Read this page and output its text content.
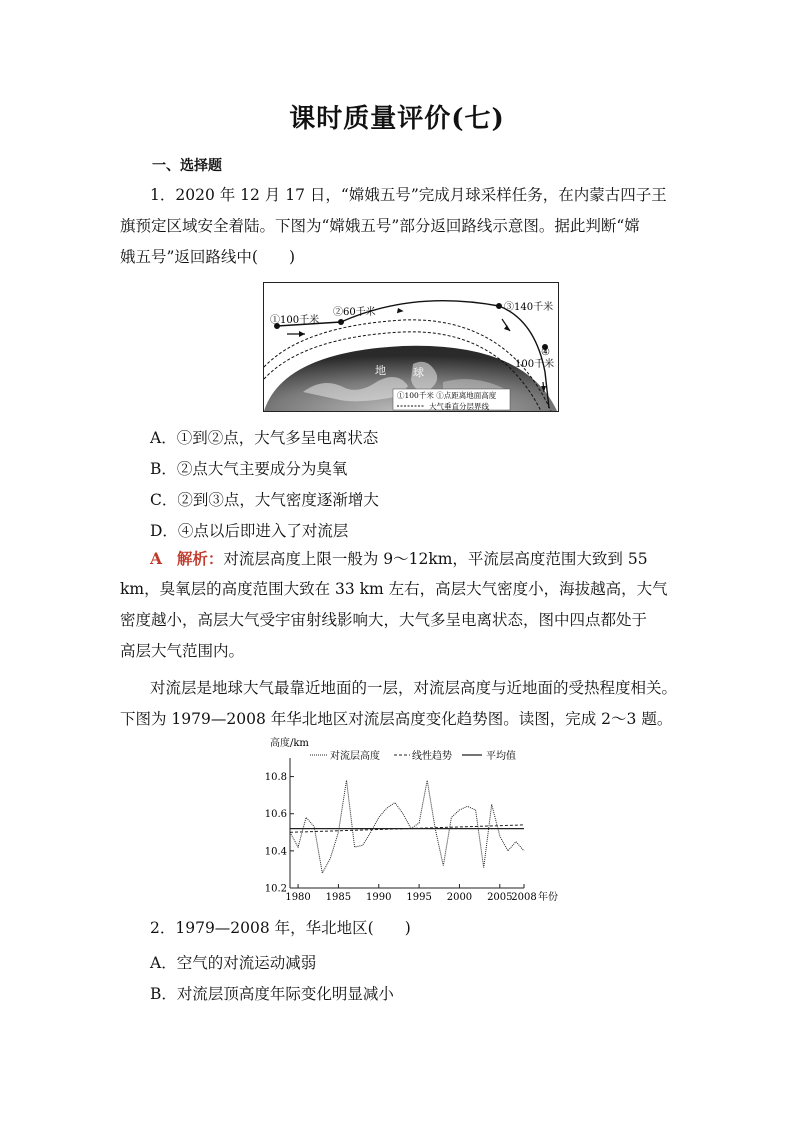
课时质量评价(七)
一、选择题
1．2020 年 12 月 17 日，“嫦娥五号”完成月球采样任务，在内蒙古四子王
旗预定区域安全着陆。下图为“嫦娥五号”部分返回路线示意图。据此判断“嫦
娥五号”返回路线中(　　)
①100千米
②60千米	③140千米
④
100千米
地 球
①100千米 ①点距离地面高度
大气垂直分层界线
A．①到②点，大气多呈电离状态
B．②点大气主要成分为臭氧
C．②到③点，大气密度逐渐增大
D．④点以后即进入了对流层
A 解析：对流层高度上限一般为 9～12km，平流层高度范围大致到 55
km，臭氧层的高度范围大致在 33 km 左右，高层大气密度小，海拔越高，大气
密度越小，高层大气受宇宙射线影响大，大气多呈电离状态，图中四点都处于
高层大气范围内。
对流层是地球大气最靠近地面的一层，对流层高度与近地面的受热程度相关。
下图为 1979—2008 年华北地区对流层高度变化趋势图。读图，完成 2～3 题。
高度/km
对流层高度	线性趋势	平均值
10.2
10.4
10.6
10.8
1980 1985 1990 1995 2000 2005
2008 年份
2．1979—2008 年，华北地区(　　)
A．空气的对流运动减弱
B．对流层顶高度年际变化明显减小
